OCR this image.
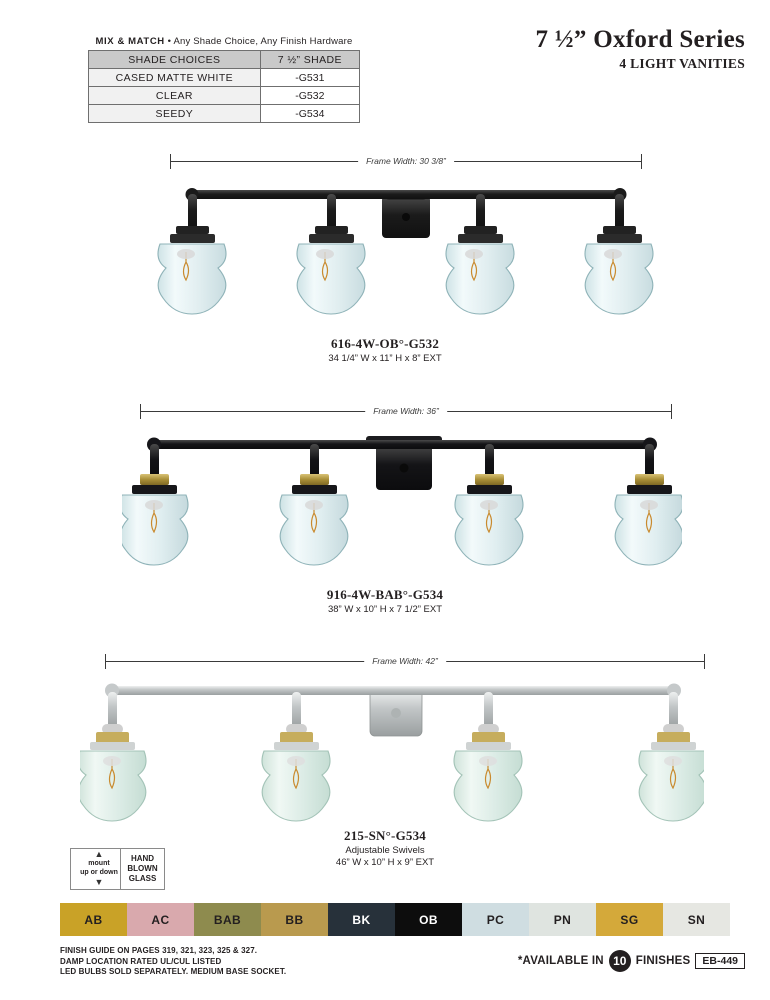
MIX & MATCH • Any Shade Choice, Any Finish Hardware
SHADE CHOICES	7 ½” SHADE
CASED MATTE WHITE	-G531
CLEAR	-G532
SEEDY	-G534
7 ½” Oxford Series
4 LIGHT VANITIES
Frame Width: 30 3/8”
616-4W-OB°-G532
34 1/4” W x 11” H x 8” EXT
Frame Width: 36”
916-4W-BAB°-G534
38” W x 10” H x 7 1/2” EXT
Frame Width: 42”
215-SN°-G534
Adjustable Swivels
46” W x 10” H x 9” EXT
▲
mount
up or down
▼
HAND
BLOWN
GLASS
AB	AC	BAB	BB	BK	OB	PC	PN	SG	SN
FINISH GUIDE ON PAGES 319, 321, 323, 325 & 327.
DAMP LOCATION RATED UL/CUL LISTED
LED BULBS SOLD SEPARATELY. MEDIUM BASE SOCKET.
*AVAILABLE IN 10 FINISHES	EB-449
